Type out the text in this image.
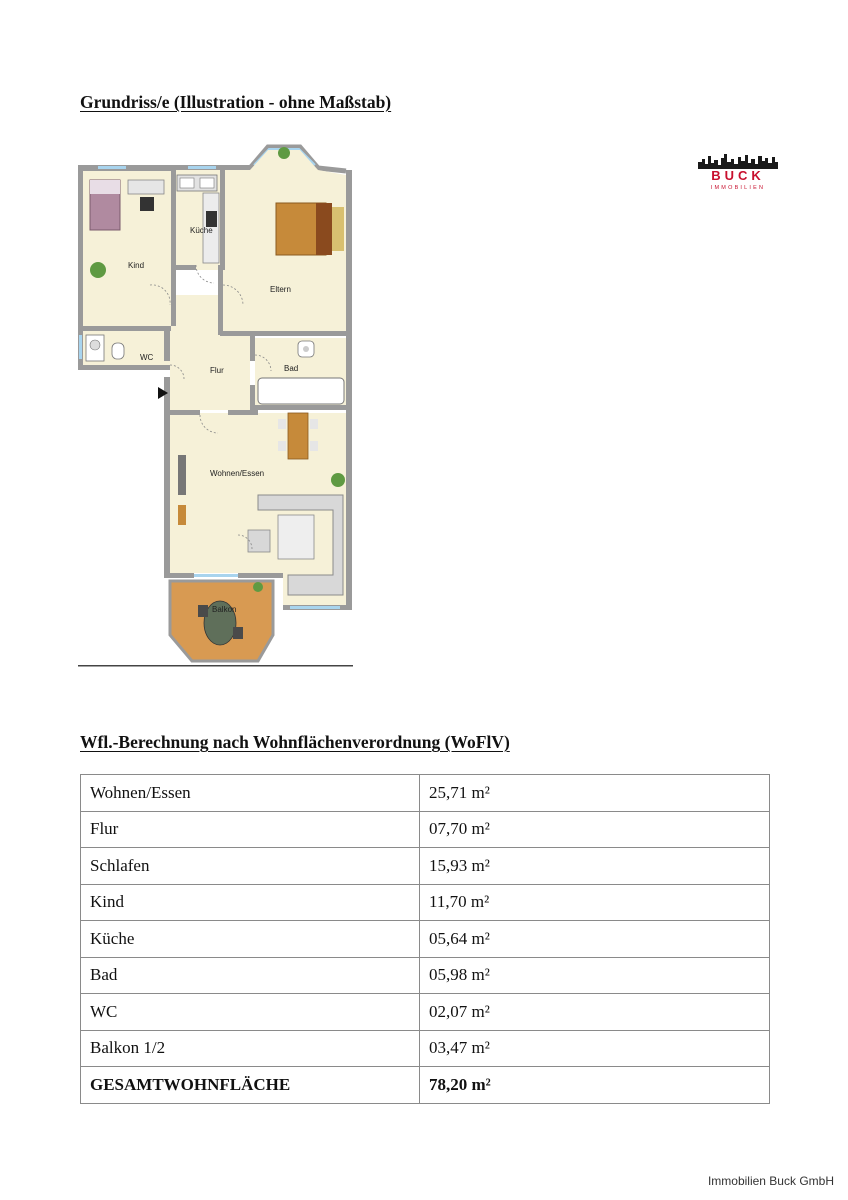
Grundriss/e (Illustration - ohne Maßstab)
BUCK
IMMOBILIEN
Kind
Küche
Eltern
WC
Flur	Bad
Wohnen/Essen
Balkon
Wfl.-Berechnung nach Wohnflächenverordnung (WoFlV)
Wohnen/Essen	25,71 m²
Flur	07,70 m²
Schlafen	15,93 m²
Kind	11,70 m²
Küche	05,64 m²
Bad	05,98 m²
WC	02,07 m²
Balkon 1/2	03,47 m²
GESAMTWOHNFLÄCHE	78,20 m²
Immobilien Buck GmbH
